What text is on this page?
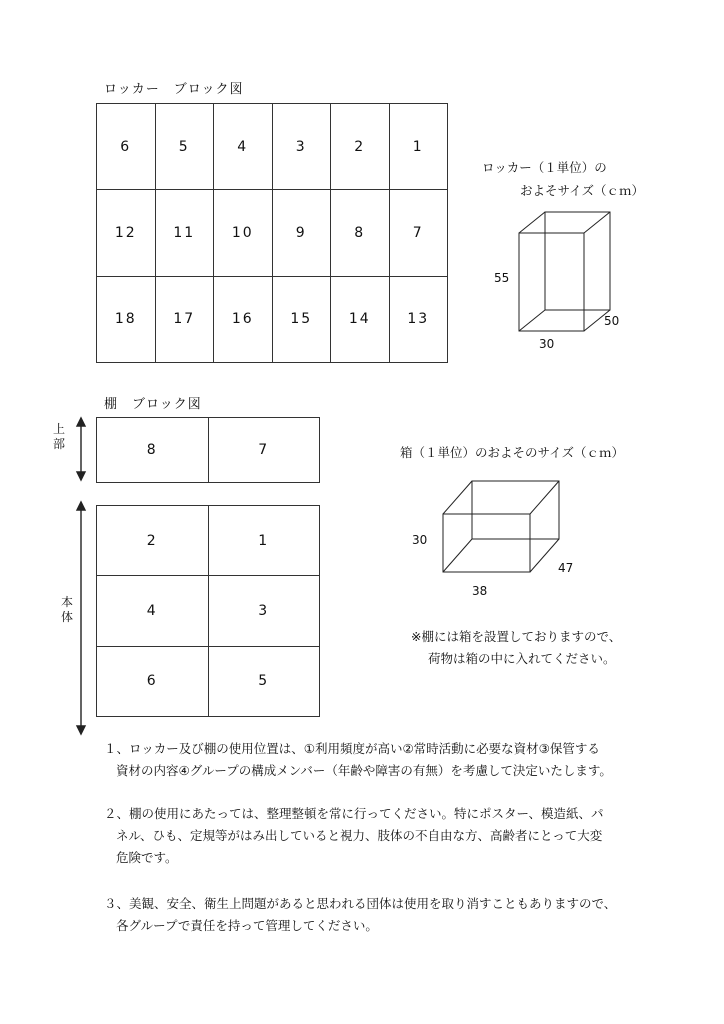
ロッカー　ブロック図
6	5	4	3	2	1
12	11	10	9	8	7
18	17	16	15	14	13
ロッカー（１単位）の
およそサイズ（ｃｍ）
55
50
30
棚　ブロック図
上部	8	7
本体
2	1
4	3
6	5
箱（１単位）のおよそのサイズ（ｃｍ）
30
47
38
※棚には箱を設置しておりますので、
荷物は箱の中に入れてください。
１、ロッカー及び棚の使用位置は、①利用頻度が高い②常時活動に必要な資材③保管する
資材の内容④グループの構成メンバー（年齢や障害の有無）を考慮して決定いたします。
２、棚の使用にあたっては、整理整頓を常に行ってください。特にポスター、模造紙、パ
ネル、ひも、定規等がはみ出していると視力、肢体の不自由な方、高齢者にとって大変
危険です。
３、美観、安全、衛生上問題があると思われる団体は使用を取り消すこともありますので、
各グループで責任を持って管理してください。
